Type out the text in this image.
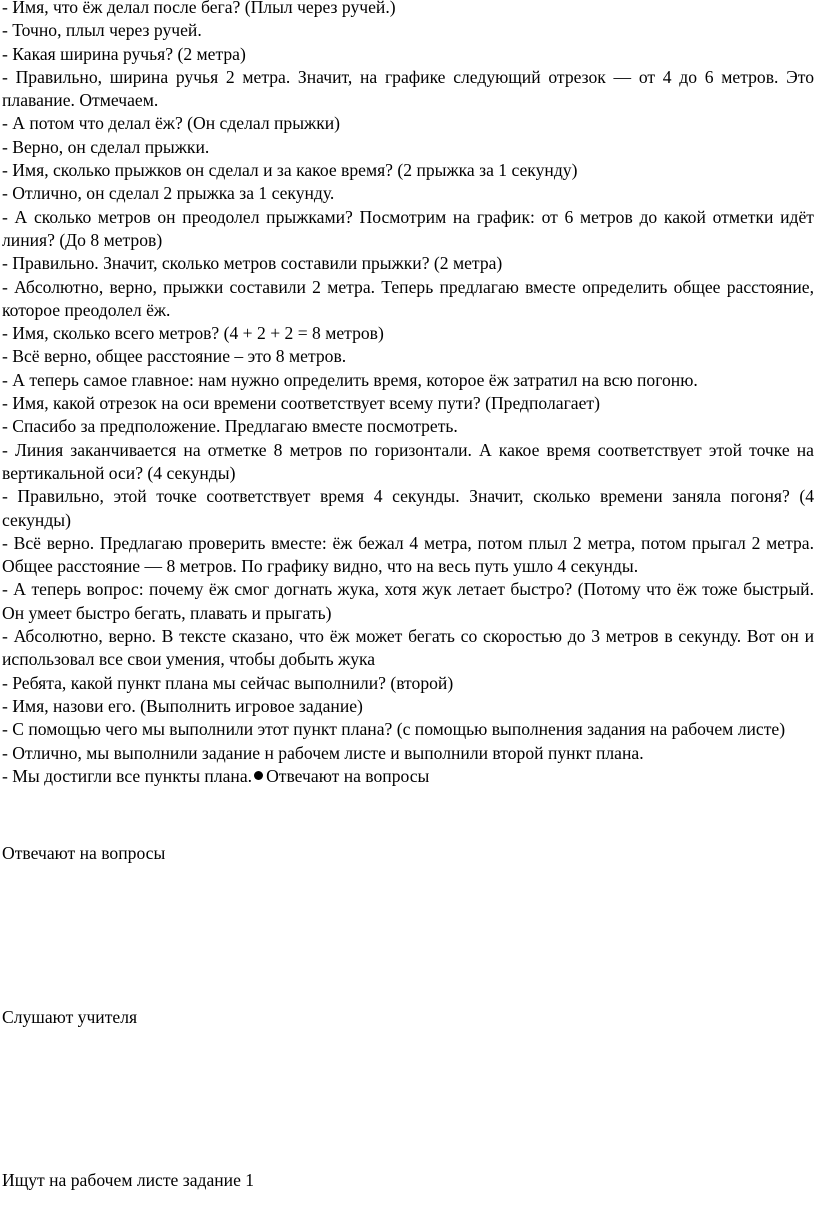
- Имя, что ёж делал после бега? (Плыл через ручей.)

- Точно, плыл через ручей.

- Какая ширина ручья? (2 метра)

- Правильно, ширина ручья 2 метра. Значит, на графике следующий отрезок — от 4 до 6 метров. Это плавание. Отмечаем.

- А потом что делал ёж? (Он сделал прыжки)

- Верно, он сделал прыжки.

- Имя, сколько прыжков он сделал и за какое время? (2 прыжка за 1 секунду)

- Отлично, он сделал 2 прыжка за 1 секунду.

- А сколько метров он преодолел прыжками? Посмотрим на график: от 6 метров до какой отметки идёт линия? (До 8 метров)

- Правильно. Значит, сколько метров составили прыжки? (2 метра)

- Абсолютно, верно, прыжки составили 2 метра. Теперь предлагаю вместе определить общее расстояние, которое преодолел ёж.

- Имя, сколько всего метров? (4 + 2 + 2 = 8 метров)

- Всё верно, общее расстояние – это 8 метров.

- А теперь самое главное: нам нужно определить время, которое ёж затратил на всю погоню.

- Имя, какой отрезок на оси времени соответствует всему пути? (Предполагает)

- Спасибо за предположение. Предлагаю вместе посмотреть.

- Линия заканчивается на отметке 8 метров по горизонтали. А какое время соответствует этой точке на вертикальной оси? (4 секунды)

- Правильно, этой точке соответствует время 4 секунды. Значит, сколько времени заняла погоня? (4 секунды)

- Всё верно. Предлагаю проверить вместе: ёж бежал 4 метра, потом плыл 2 метра, потом прыгал 2 метра. Общее расстояние — 8 метров. По графику видно, что на весь путь ушло 4 секунды.

- А теперь вопрос: почему ёж смог догнать жука, хотя жук летает быстро? (Потому что ёж тоже быстрый. Он умеет быстро бегать, плавать и прыгать)

- Абсолютно, верно. В тексте сказано, что ёж может бегать со скоростью до 3 метров в секунду. Вот он и использовал все свои умения, чтобы добыть жука

- Ребята, какой пункт плана мы сейчас выполнили? (второй)

- Имя, назови его. (Выполнить игровое задание)

- С помощью чего мы выполнили этот пункт плана? (с помощью выполнения задания на рабочем листе)

- Отлично, мы выполнили задание н рабочем листе и выполнили второй пункт плана.

- Мы достигли все пункты плана. Отвечают на вопросы

Отвечают на вопросы

Слушают учителя

Ищут на рабочем листе задание 1
